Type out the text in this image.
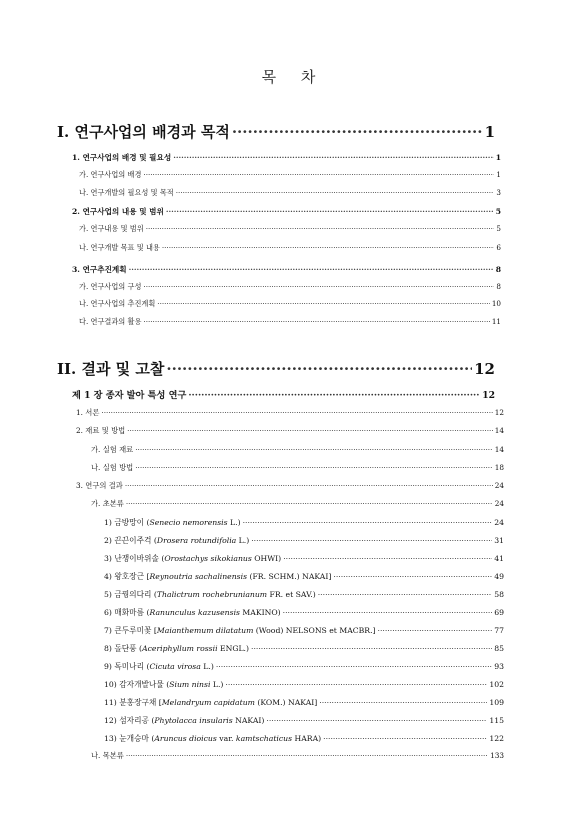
목 차
I. 연구사업의 배경과 목적 ·····	1
1. 연구사업의 배경 및 필요성 ·····	1
가. 연구사업의 배경 ·····	1
나. 연구개발의 필요성 및 목적 ·····	3
2. 연구사업의 내용 및 범위 ·····	5
가. 연구내용 및 범위 ·····	5
나. 연구개발 목표 및 내용 ·····	6
3. 연구추진계획 ·····	8
가. 연구사업의 구성 ·····	8
나. 연구사업의 추진계획 ·····	10
다. 연구결과의 활용 ·····	11
II. 결과 및 고찰 ·····	12
제 1 장 종자 발아 특성 연구 ·····	12
1. 서론 ·····	12
2. 재료 및 방법 ·····	14
가. 실험 재료 ·····	14
나. 실험 방법 ·····	18
3. 연구의 결과 ·····	24
가. 초본류 ·····	24
1) 금방망이 (Senecio nemorensis L.) ·····	24
2) 끈끈이주걱 (Drosera rotundifolia L.) ·····	31
3) 난쟁이바위솔 (Orostachys sikokianus OHWI) ·····	41
4) 왕호장근 [Reynoutria sachalinensis (FR. SCHM.) NAKAI] ·····	49
5) 금꿩의다리 (Thalictrum rochebrunianum FR. et SAV.) ·····	58
6) 매화마름 (Ranunculus kazusensis MAKINO) ·····	69
7) 큰두루미꽃 [Maianthemum dilatatum (Wood) NELSONS et MACBR.] ·····	77
8) 돌단풍 (Aceriphyllum rossii ENGL.) ·····	85
9) 독미나리 (Cicuta virosa L.) ·····	93
10) 감자개발나물 (Sium ninsi L.) ·····	102
11) 분홍장구채 [Melandryum capidatum (KOM.) NAKAI] ·····	109
12) 섬자리공 (Phytolacca insularis NAKAI) ·····	115
13) 눈개승마 (Aruncus dioicus var. kamtschaticus HARA) ·····	122
나. 목본류 ·····	133
